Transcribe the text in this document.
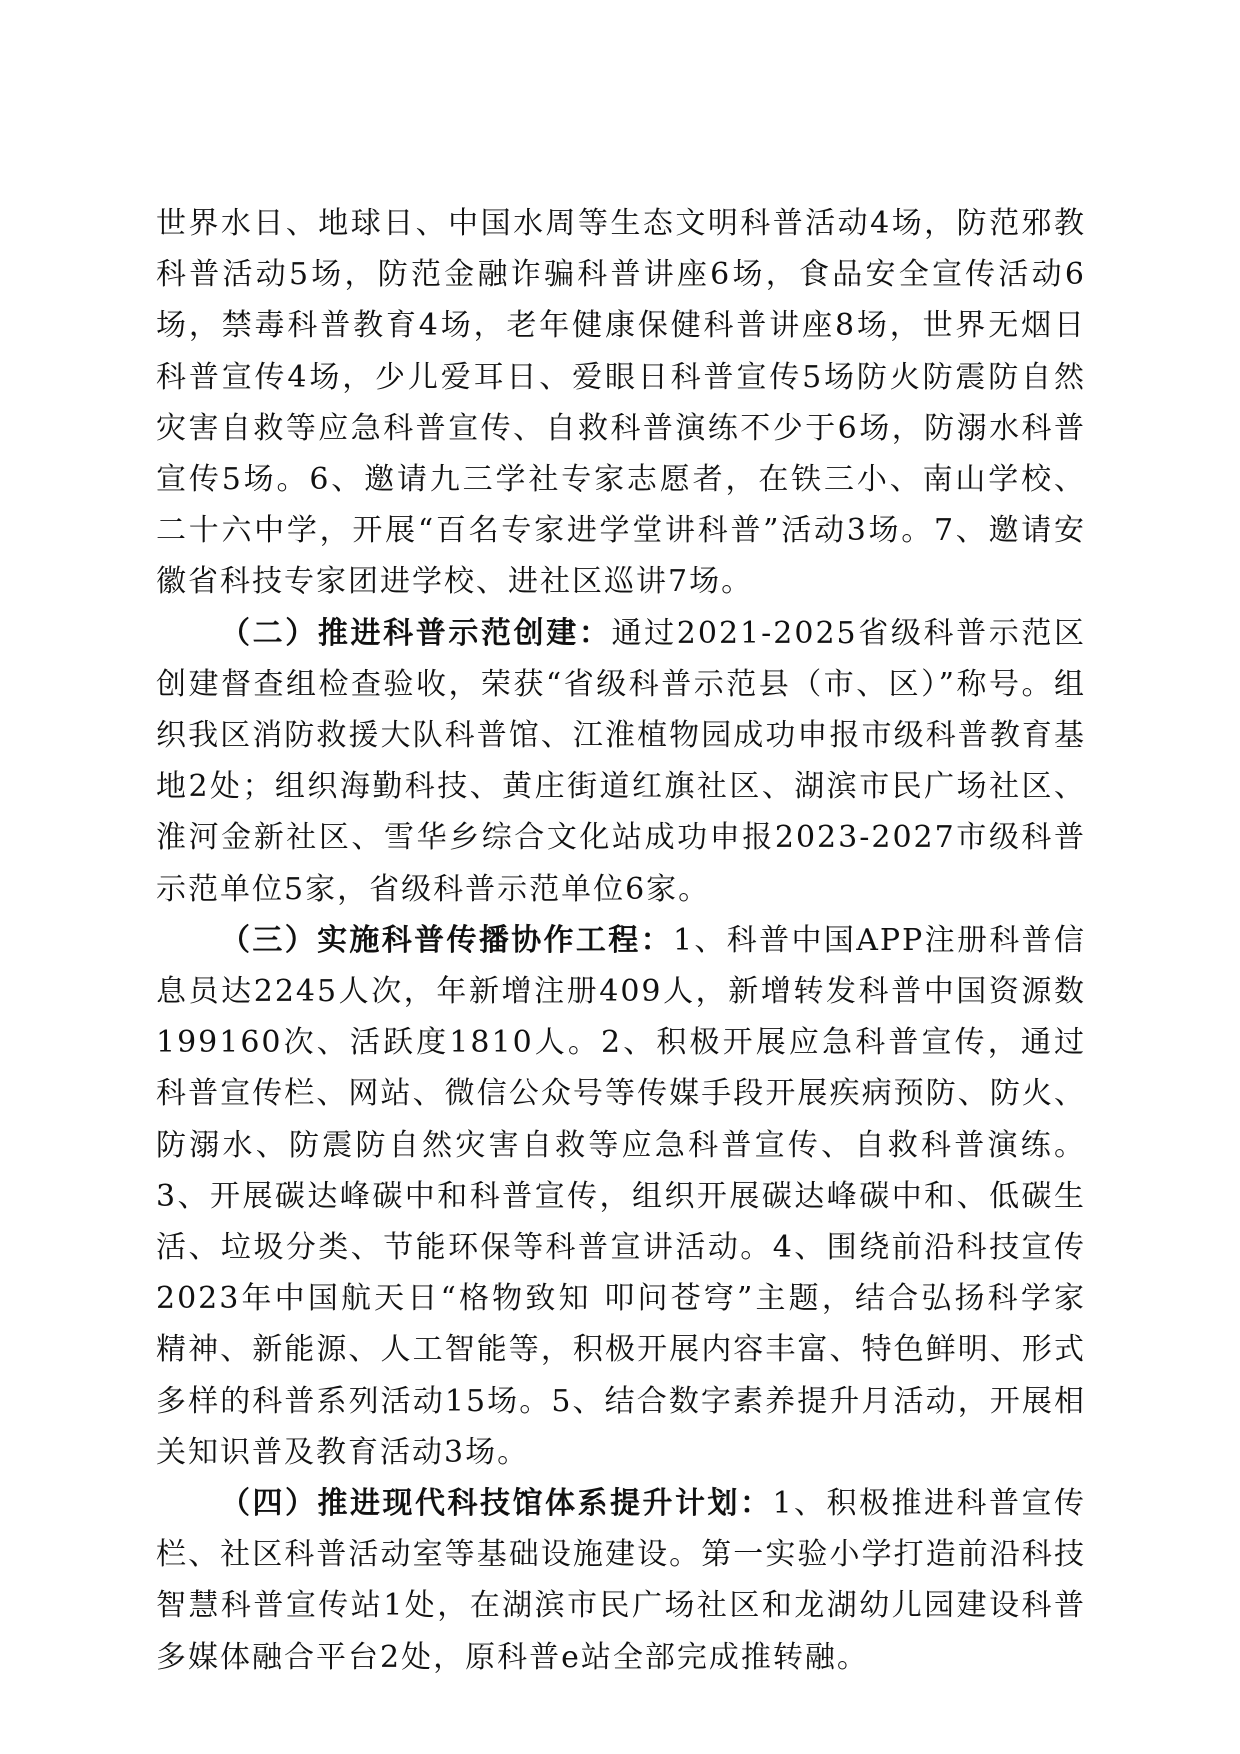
世界水日、地球日、中国水周等生态文明科普活动4场，防范邪教科普活动5场，防范金融诈骗科普讲座6场，食品安全宣传活动6场，禁毒科普教育4场，老年健康保健科普讲座8场，世界无烟日科普宣传4场，少儿爱耳日、爱眼日科普宣传5场防火防震防自然灾害自救等应急科普宣传、自救科普演练不少于6场，防溺水科普宣传5场。6、邀请九三学社专家志愿者，在铁三小、南山学校、二十六中学，开展“百名专家进学堂讲科普”活动3场。7、邀请安徽省科技专家团进学校、进社区巡讲7场。

（二）推进科普示范创建：通过2021-2025省级科普示范区创建督查组检查验收，荣获“省级科普示范县（市、区）”称号。组织我区消防救援大队科普馆、江淮植物园成功申报市级科普教育基地2处；组织海勤科技、黄庄街道红旗社区、湖滨市民广场社区、淮河金新社区、雪华乡综合文化站成功申报2023-2027市级科普示范单位5家，省级科普示范单位6家。

（三）实施科普传播协作工程：1、科普中国APP注册科普信息员达2245人次，年新增注册409人，新增转发科普中国资源数199160次、活跃度1810人。2、积极开展应急科普宣传，通过科普宣传栏、网站、微信公众号等传媒手段开展疾病预防、防火、防溺水、防震防自然灾害自救等应急科普宣传、自救科普演练。3、开展碳达峰碳中和科普宣传，组织开展碳达峰碳中和、低碳生活、垃圾分类、节能环保等科普宣讲活动。4、围绕前沿科技宣传2023年中国航天日“格物致知 叩问苍穹”主题，结合弘扬科学家精神、新能源、人工智能等，积极开展内容丰富、特色鲜明、形式多样的科普系列活动15场。5、结合数字素养提升月活动，开展相关知识普及教育活动3场。

（四）推进现代科技馆体系提升计划：1、积极推进科普宣传栏、社区科普活动室等基础设施建设。第一实验小学打造前沿科技智慧科普宣传站1处，在湖滨市民广场社区和龙湖幼儿园建设科普多媒体融合平台2处，原科普e站全部完成推转融。
